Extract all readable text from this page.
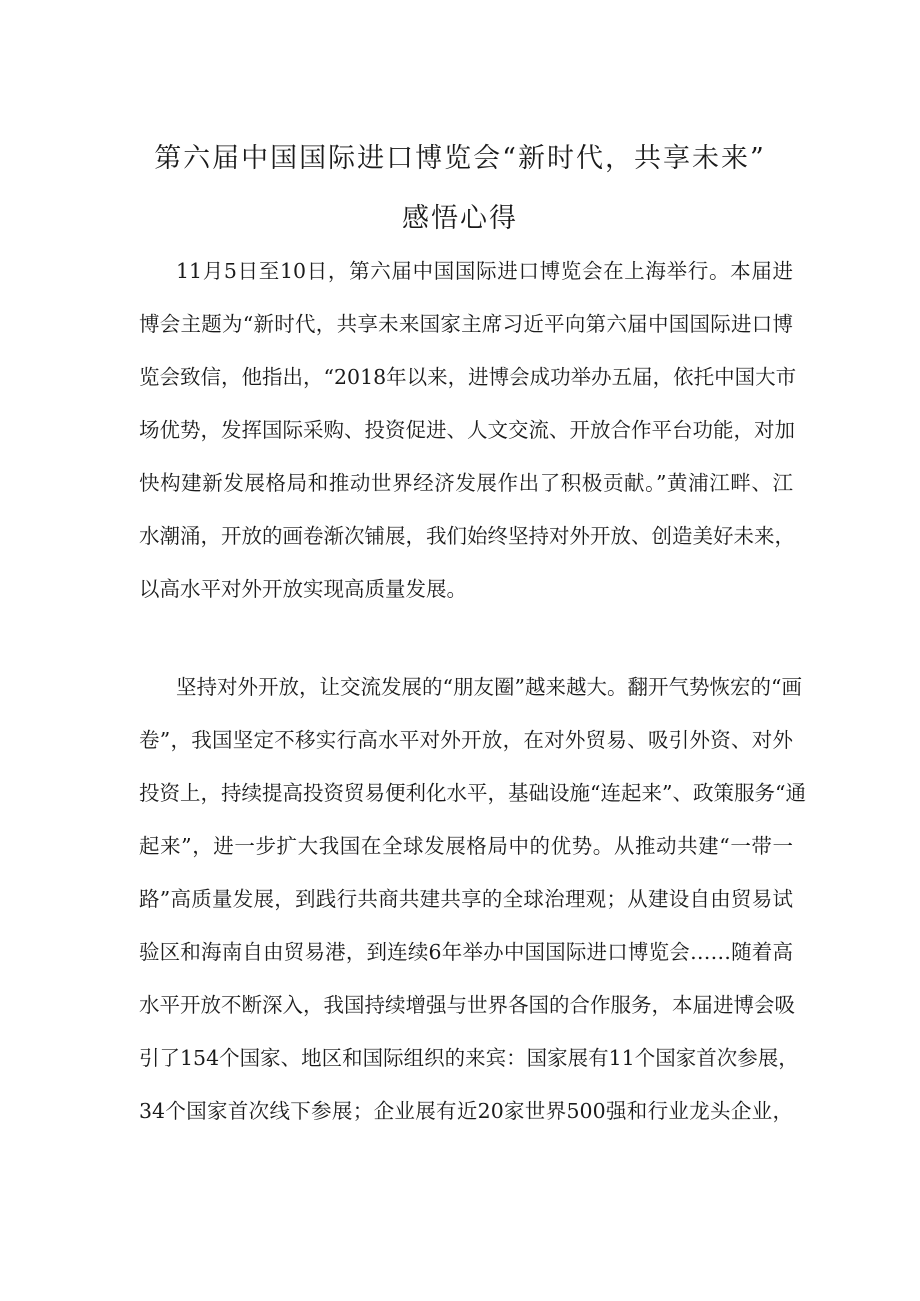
第六届中国国际进口博览会“新时代，共享未来”
感悟心得
11月5日至10日，第六届中国国际进口博览会在上海举行。本届进
博会主题为“新时代，共享未来国家主席习近平向第六届中国国际进口博
览会致信，他指出，“2018年以来，进博会成功举办五届，依托中国大市
场优势，发挥国际采购、投资促进、人文交流、开放合作平台功能，对加
快构建新发展格局和推动世界经济发展作出了积极贡献。”黄浦江畔、江
水潮涌，开放的画卷渐次铺展，我们始终坚持对外开放、创造美好未来，
以高水平对外开放实现高质量发展。
坚持对外开放，让交流发展的“朋友圈”越来越大。翻开气势恢宏的“画
卷”，我国坚定不移实行高水平对外开放，在对外贸易、吸引外资、对外
投资上，持续提高投资贸易便利化水平，基础设施“连起来”、政策服务“通
起来”，进一步扩大我国在全球发展格局中的优势。从推动共建“一带一
路”高质量发展，到践行共商共建共享的全球治理观；从建设自由贸易试
验区和海南自由贸易港，到连续6年举办中国国际进口博览会……随着高
水平开放不断深入，我国持续增强与世界各国的合作服务，本届进博会吸
引了154个国家、地区和国际组织的来宾：国家展有11个国家首次参展，
34个国家首次线下参展；企业展有近20家世界500强和行业龙头企业，
